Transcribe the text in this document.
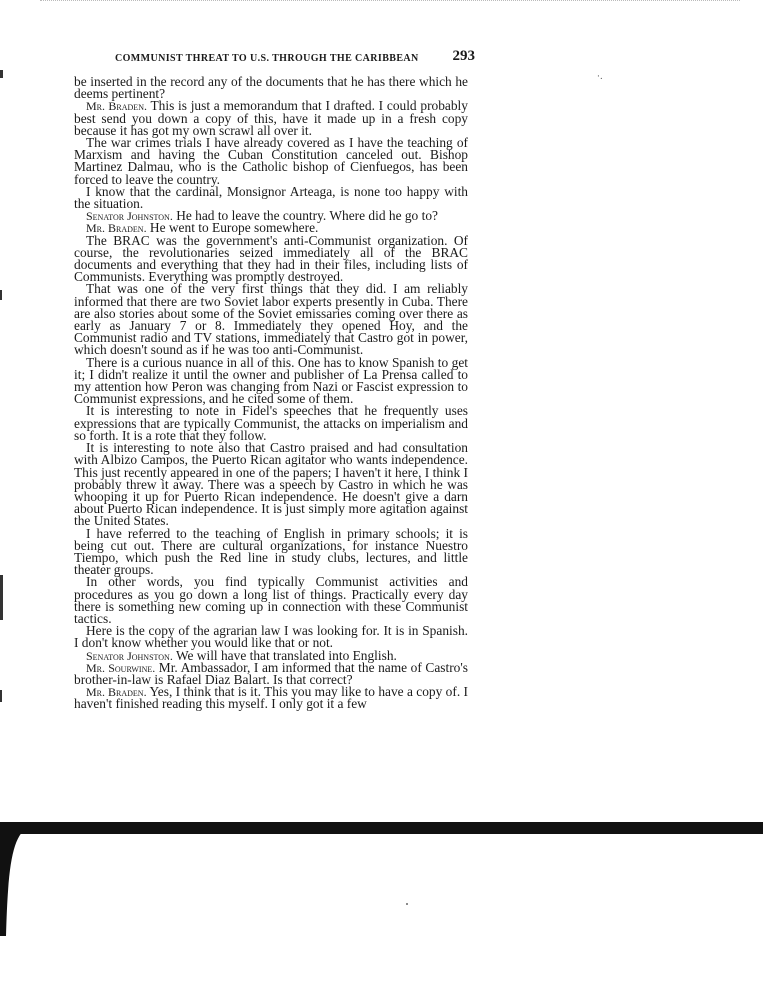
COMMUNIST THREAT TO U.S. THROUGH THE CARIBBEAN 293
·.

be inserted in the record any of the documents that he has there which he deems pertinent?

Mr. Braden. This is just a memorandum that I drafted. I could probably best send you down a copy of this, have it made up in a fresh copy because it has got my own scrawl all over it.

The war crimes trials I have already covered as I have the teaching of Marxism and having the Cuban Constitution canceled out. Bishop Martinez Dalmau, who is the Catholic bishop of Cienfuegos, has been forced to leave the country.

I know that the cardinal, Monsignor Arteaga, is none too happy with the situation.

Senator Johnston. He had to leave the country. Where did he go to?

Mr. Braden. He went to Europe somewhere.

The BRAC was the government's anti-Communist organization. Of course, the revolutionaries seized immediately all of the BRAC documents and everything that they had in their files, including lists of Communists. Everything was promptly destroyed.

That was one of the very first things that they did. I am reliably informed that there are two Soviet labor experts presently in Cuba. There are also stories about some of the Soviet emissaries coming over there as early as January 7 or 8. Immediately they opened Hoy, and the Communist radio and TV stations, immediately that Castro got in power, which doesn't sound as if he was too anti-Communist.

There is a curious nuance in all of this. One has to know Spanish to get it; I didn't realize it until the owner and publisher of La Prensa called to my attention how Peron was changing from Nazi or Fascist expression to Communist expressions, and he cited some of them.

It is interesting to note in Fidel's speeches that he frequently uses expressions that are typically Communist, the attacks on imperialism and so forth. It is a rote that they follow.

It is interesting to note also that Castro praised and had consultation with Albizo Campos, the Puerto Rican agitator who wants independence. This just recently appeared in one of the papers; I haven't it here, I think I probably threw it away. There was a speech by Castro in which he was whooping it up for Puerto Rican independence. He doesn't give a darn about Puerto Rican independence. It is just simply more agitation against the United States.

I have referred to the teaching of English in primary schools; it is being cut out. There are cultural organizations, for instance Nuestro Tiempo, which push the Red line in study clubs, lectures, and little theater groups.

In other words, you find typically Communist activities and procedures as you go down a long list of things. Practically every day there is something new coming up in connection with these Communist tactics.

Here is the copy of the agrarian law I was looking for. It is in Spanish. I don't know whether you would like that or not.

Senator Johnston. We will have that translated into English.

Mr. Sourwine. Mr. Ambassador, I am informed that the name of Castro's brother-in-law is Rafael Diaz Balart. Is that correct?

Mr. Braden. Yes, I think that is it. This you may like to have a copy of. I haven't finished reading this myself. I only got it a few
